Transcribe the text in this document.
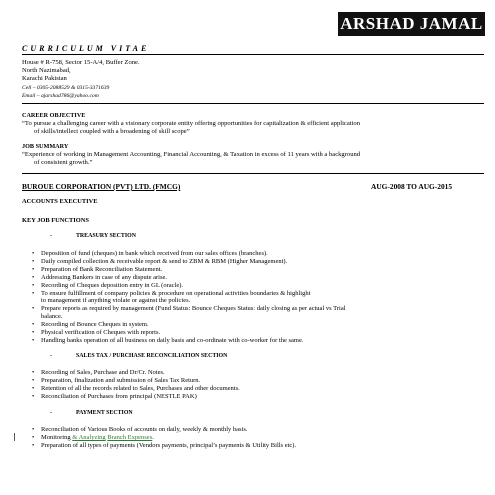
ARSHAD JAMAL
CURRICULUM VITAE
House # R-758, Sector 15-A/4, Buffer Zone.
North Nazimabad,
Karachi Pakistan
Cell – 0305-2088529 & 0315-3371639
Email – ajarshad786@yahoo.com
CAREER OBJECTIVE
“To pursue a challenging career with a visionary corporate entity offering opportunities for capitalization & efficient application
of skills/intellect coupled with a broadening of skill scope”
JOB SUMMARY
“Experience of working in Management Accounting, Financial Accounting, & Taxation in excess of 11 years with a background
of consistent growth.”
BUROUE CORPORATION (PVT) LTD. (FMCG)	AUG-2008 TO AUG-2015
ACCOUNTS EXECUTIVE
KEY JOB FUNCTIONS
-	TREASURY SECTION
• Deposition of fund (cheques) in bank which received from our sales offices (branches).
• Daily compiled collection & receivable report & send to ZBM & RBM (Higher Management).
• Preparation of Bank Reconciliation Statement.
• Addressing Bankers in case of any dispute arise.
• Recording of Cheques deposition entry in GL (oracle).
• To ensure fulfillment of company policies & procedure on operational activities boundaries & highlight
to management if anything violate or against the policies.
• Prepare reports as required by management (Fund Status: Bounce Cheques Status: daily closing as per actual vs Trial
balance.
• Recording of Bounce Cheques in system.
• Physical verification of Cheques with reports.
• Handling banks operation of all business on daily basis and co-ordinate with co-worker for the same.
-	SALES TAX / PURCHASE RECONCILIATION SECTION
• Recording of Sales, Purchase and Dr/Cr. Notes.
• Preparation, finalization and submission of Sales Tax Return.
• Retention of all the records related to Sales, Purchases and other documents.
• Reconciliation of Purchases from principal (NESTLE PAK)
-	PAYMENT SECTION
• Reconciliation of Various Books of accounts on daily, weekly & monthly basis.
• Monitoring & Analyzing Branch Expenses.
• Preparation of all types of payments (Vendors payments, principal’s payments & Utility Bills etc).
